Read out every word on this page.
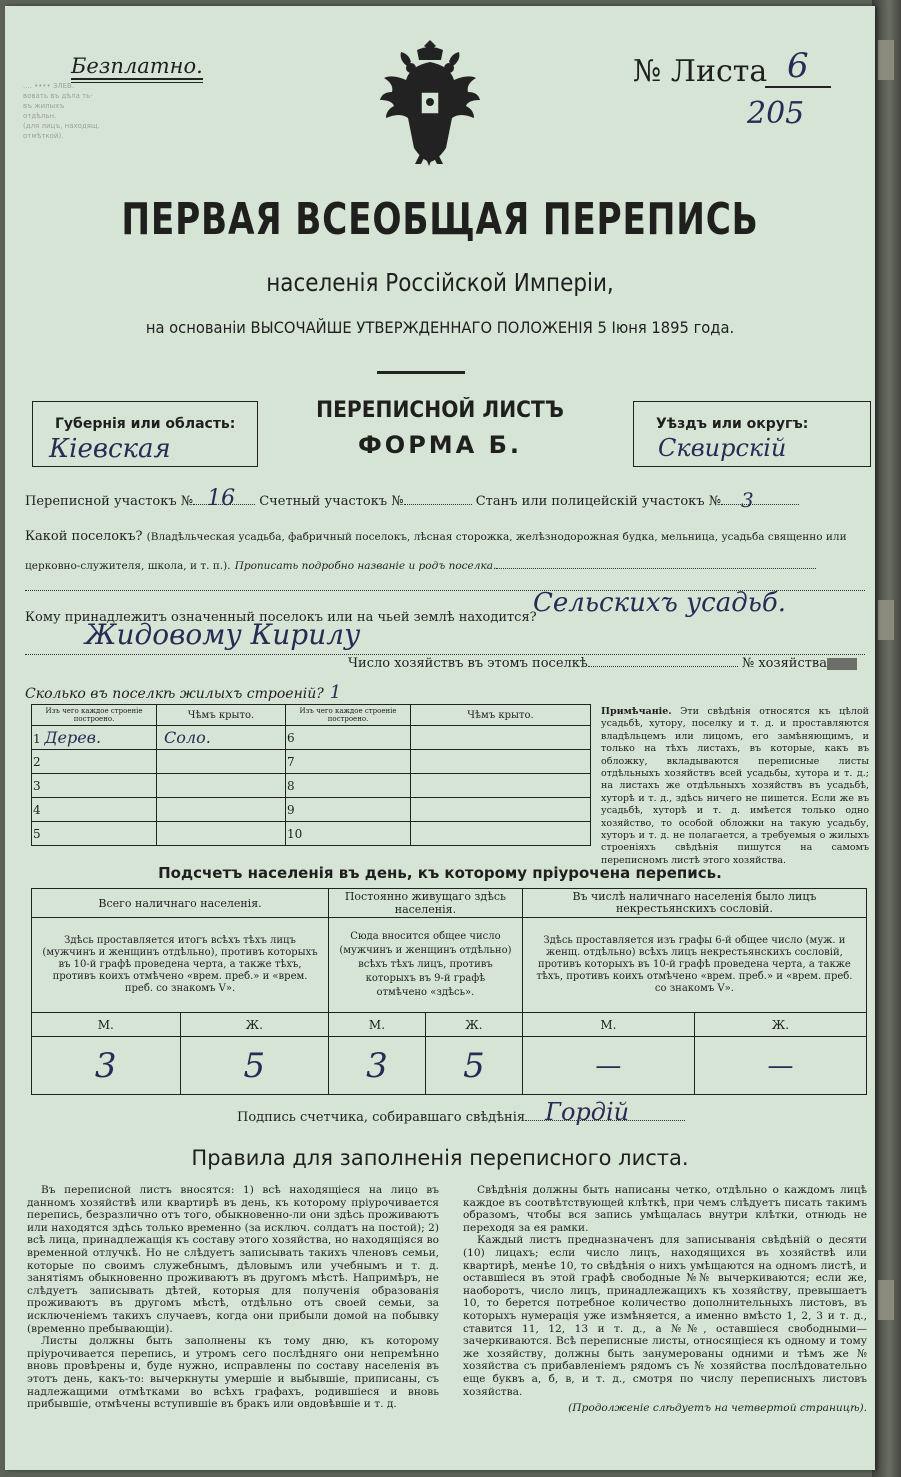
Безплатно.	№ Листа 6
205
.... •••• ЗЛЕВ.
вовать въ дѣла ть-
въ жилыхъ
отдѣльн.
(для лицъ, находящ.
отмѣткой).
ПЕРВАЯ ВСЕОБЩАЯ ПЕРЕПИСЬ
населенія Россійской Имперіи,
на основаніи ВЫСОЧАЙШЕ УТВЕРЖДЕННАГО ПОЛОЖЕНІЯ 5 Іюня 1895 года.
Губернія или область:
Кіевская
ПЕРЕПИСНОЙ ЛИСТЪ
ФОРМА Б.
Уѣздъ или округъ:
Сквирскій
Переписной участокъ № 16 Счетный участокъ №	Станъ или полицейскій участокъ № 3
Какой поселокъ? (Владѣльческая усадьба, фабричный поселокъ, лѣсная сторожка, желѣзнодорожная будка, мельница, усадьба священно или
церковно-служителя, школа, и т. п.). Прописать подробно названіе и родъ поселка.
Кому принадлежитъ означенный поселокъ или на чьей землѣ находится?
Сельскихъ усадьб.
Жидовому Кирилу
Число хозяйствъ въ этомъ поселкѣ	№ хозяйства
Сколько въ поселкѣ жилыхъ строеній? 1
Изъ чего каждое строеніе построено.	Чѣмъ крыто.	Изъ чего каждое строеніе построено.	Чѣмъ крыто.
1 Дерев.	Соло.	6	
2		7	
3		8	
4		9	
5		10	
Примѣчаніе. Эти свѣдѣнія относятся къ цѣлой усадьбѣ, хутору, поселку и т. д. и проставляются владѣльцемъ или лицомъ, его замѣняющимъ, и только на тѣхъ листахъ, въ которые, какъ въ обложку, вкладываются переписные листы отдѣльныхъ хозяйствъ всей усадьбы, хутора и т. д.; на листахъ же отдѣльныхъ хозяйствъ въ усадьбѣ, хуторѣ и т. д., здѣсь ничего не пишется. Если же въ усадьбѣ, хуторѣ и т. д. имѣется только одно хозяйство, то особой обложки на такую усадьбу, хуторъ и т. д. не полагается, а требуемыя о жилыхъ строеніяхъ свѣдѣнія пишутся на самомъ переписномъ листѣ этого хозяйства.
Подсчетъ населенія въ день, къ которому пріурочена перепись.
Всего наличнаго населенія.		Постоянно живущаго здѣсь населенія.		Въ числѣ наличнаго населенія было лицъ некрестьянскихъ сословій.	
Здѣсь проставляется итогъ всѣхъ тѣхъ лицъ (мужчинъ и женщинъ отдѣльно), противъ которыхъ въ 10-й графѣ проведена черта, а также тѣхъ, противъ коихъ отмѣчено «врем. преб.» и «врем. преб. со знакомъ V».		Сюда вносится общее число (мужчинъ и женщинъ отдѣльно) всѣхъ тѣхъ лицъ, противъ которыхъ въ 9-й графѣ отмѣчено «здѣсь».		Здѣсь проставляется изъ графы 6-й общее число (муж. и женщ. отдѣльно) всѣхъ лицъ некрестьянскихъ сословій, противъ которыхъ въ 10-й графѣ проведена черта, а также тѣхъ, противъ коихъ отмѣчено «врем. преб.» и «врем. преб. со знакомъ V».	
М.	Ж.	М.	Ж.	М.	Ж.
3	5	3	5	—	—
Подпись счетчика, собиравшаго свѣдѣнія Гордій
Правила для заполненія переписного листа.
Въ переписной листъ вносятся: 1) всѣ находящіеся на лицо въ данномъ хозяйствѣ или квартирѣ въ день, къ которому пріурочивается перепись, безразлично отъ того, обыкновенно-ли они здѣсь проживаютъ или находятся здѣсь только временно (за исключ. солдатъ на постой); 2) всѣ лица, принадлежащія къ составу этого хозяйства, но находящіяся во временной отлучкѣ. Но не слѣдуетъ записывать такихъ членовъ семьи, которые по своимъ служебнымъ, дѣловымъ или учебнымъ и т. д. занятіямъ обыкновенно проживаютъ въ другомъ мѣстѣ. Напримѣръ, не слѣдуетъ записывать дѣтей, которыя для полученія образованія проживаютъ въ другомъ мѣстѣ, отдѣльно отъ своей семьи, за исключеніемъ такихъ случаевъ, когда они прибыли домой на побывку (временно пребывающіи).
Листы должны быть заполнены къ тому дню, къ которому пріурочивается перепись, и утромъ сего послѣдняго они непремѣнно вновь провѣрены и, буде нужно, исправлены по составу населенія въ этотъ день, какъ-то: вычеркнуты умершіе и выбывшіе, приписаны, съ надлежащими отмѣтками во всѣхъ графахъ, родившіеся и вновь прибывшіе, отмѣчены вступившіе въ бракъ или овдовѣвшіе и т. д.
Свѣдѣнія должны быть написаны четко, отдѣльно о каждомъ лицѣ каждое въ соотвѣтствующей клѣткѣ, при чемъ слѣдуетъ писать такимъ образомъ, чтобы вся запись умѣщалась внутри клѣтки, отнюдь не переходя за ея рамки.
Каждый листъ предназначенъ для записыванія свѣдѣній о десяти (10) лицахъ; если число лицъ, находящихся въ хозяйствѣ или квартирѣ, менѣе 10, то свѣдѣнія о нихъ умѣщаются на одномъ листѣ, и оставшіеся въ этой графѣ свободные №№ вычеркиваются; если же, наоборотъ, число лицъ, принадлежащихъ къ хозяйству, превышаетъ 10, то берется потребное количество дополнительныхъ листовъ, въ которыхъ нумерація уже измѣняется, а именно вмѣсто 1, 2, 3 и т. д., ставится 11, 12, 13 и т. д., а №№, оставшіеся свободными—зачеркиваются. Всѣ переписные листы, относящіеся къ одному и тому же хозяйству, должны быть занумерованы одними и тѣмъ же № хозяйства съ прибавленіемъ рядомъ съ № хозяйства послѣдовательно еще буквъ а, б, в, и т. д., смотря по числу переписныхъ листовъ хозяйства.
(Продолженіе слѣдуетъ на четвертой страницѣ).
